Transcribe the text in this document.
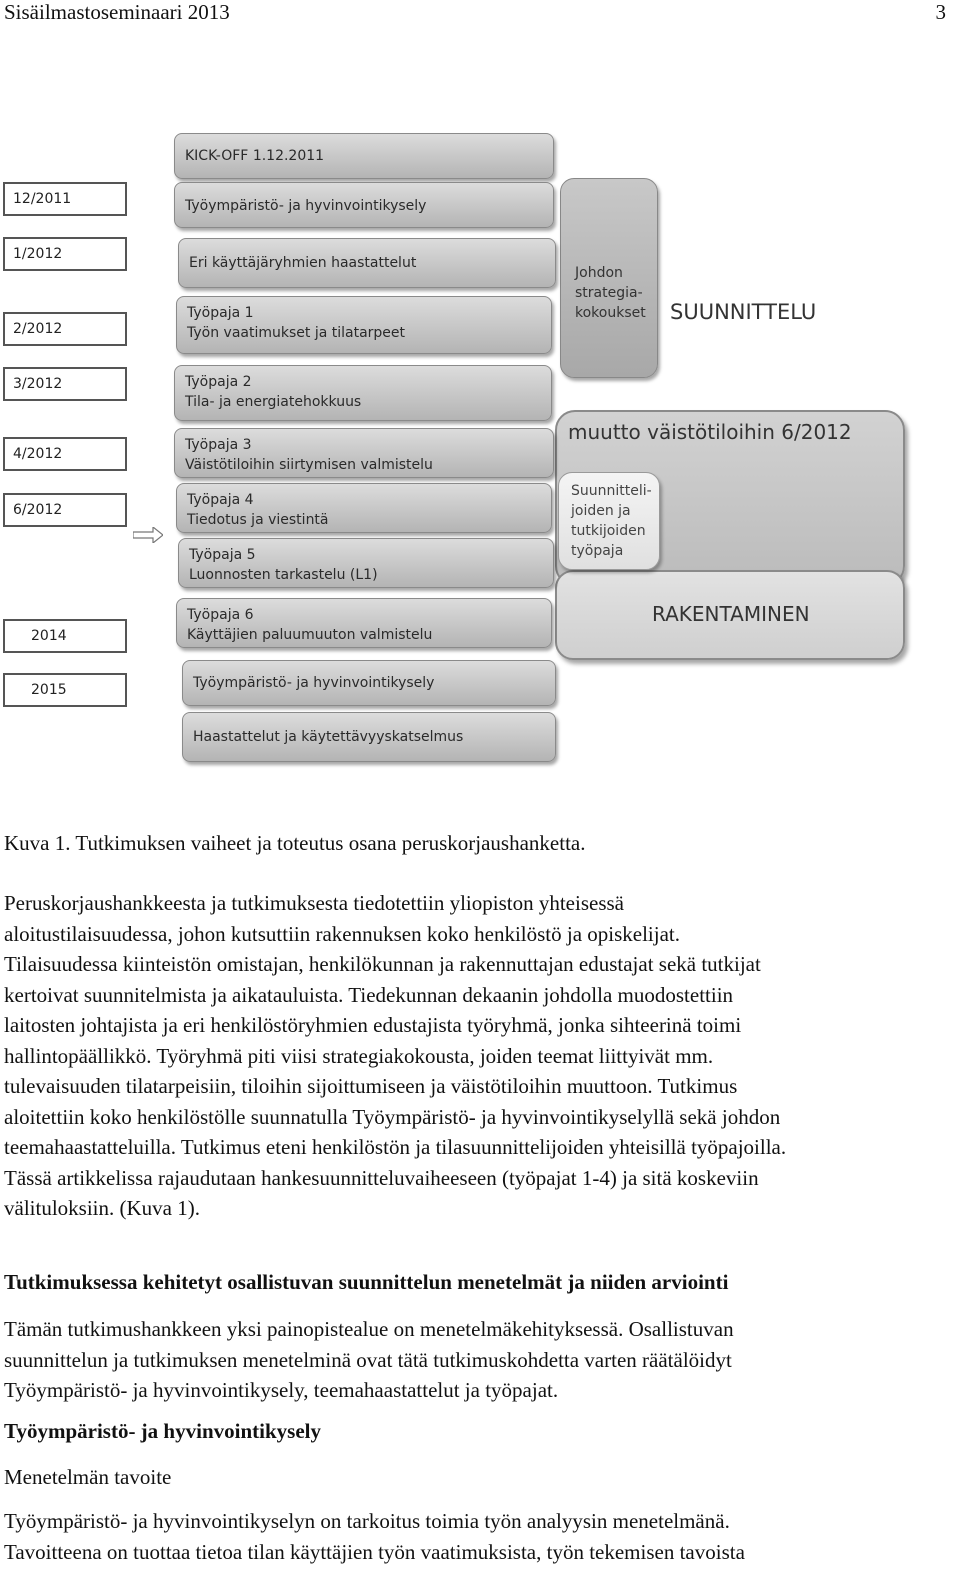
Sisäilmastoseminaari 2013	3
SUUNNITTELU
muutto väistötiloihin 6/2012
RAKENTAMINEN
Johdon
strategia-
kokoukset
Suunnitteli-
joiden ja
tutkijoiden
työpaja
12/2011
1/2012
2/2012
3/2012
4/2012
6/2012
2014
2015
KICK-OFF 1.12.2011
Työympäristö- ja hyvinvointikysely
Eri käyttäjäryhmien haastattelut
Työpaja 1
Työn vaatimukset ja tilatarpeet
Työpaja 2
Tila- ja energiatehokkuus
Työpaja 3
Väistötiloihin siirtymisen valmistelu
Työpaja 4
Tiedotus ja viestintä
Työpaja 5
Luonnosten tarkastelu (L1)
Työpaja 6
Käyttäjien paluumuuton valmistelu
Työympäristö- ja hyvinvointikysely
Haastattelut ja käytettävyyskatselmus
Kuva 1. Tutkimuksen vaiheet ja toteutus osana peruskorjaushanketta.
Peruskorjaushankkeesta ja tutkimuksesta tiedotettiin yliopiston yhteisessä
aloitustilaisuudessa, johon kutsuttiin rakennuksen koko henkilöstö ja opiskelijat.
Tilaisuudessa kiinteistön omistajan, henkilökunnan ja rakennuttajan edustajat sekä tutkijat
kertoivat suunnitelmista ja aikatauluista. Tiedekunnan dekaanin johdolla muodostettiin
laitosten johtajista ja eri henkilöstöryhmien edustajista työryhmä, jonka sihteerinä toimi
hallintopäällikkö. Työryhmä piti viisi strategiakokousta, joiden teemat liittyivät mm.
tulevaisuuden tilatarpeisiin, tiloihin sijoittumiseen ja väistötiloihin muuttoon. Tutkimus
aloitettiin koko henkilöstölle suunnatulla Työympäristö- ja hyvinvointikyselyllä sekä johdon
teemahaastatteluilla. Tutkimus eteni henkilöstön ja tilasuunnittelijoiden yhteisillä työpajoilla.
Tässä artikkelissa rajaudutaan hankesuunnitteluvaiheeseen (työpajat 1-4) ja sitä koskeviin
välituloksiin. (Kuva 1).
Tutkimuksessa kehitetyt osallistuvan suunnittelun menetelmät ja niiden arviointi
Tämän tutkimushankkeen yksi painopistealue on menetelmäkehityksessä. Osallistuvan
suunnittelun ja tutkimuksen menetelminä ovat tätä tutkimuskohdetta varten räätälöidyt
Työympäristö- ja hyvinvointikysely, teemahaastattelut ja työpajat.
Työympäristö- ja hyvinvointikysely
Menetelmän tavoite
Työympäristö- ja hyvinvointikyselyn on tarkoitus toimia työn analyysin menetelmänä.
Tavoitteena on tuottaa tietoa tilan käyttäjien työn vaatimuksista, työn tekemisen tavoista
